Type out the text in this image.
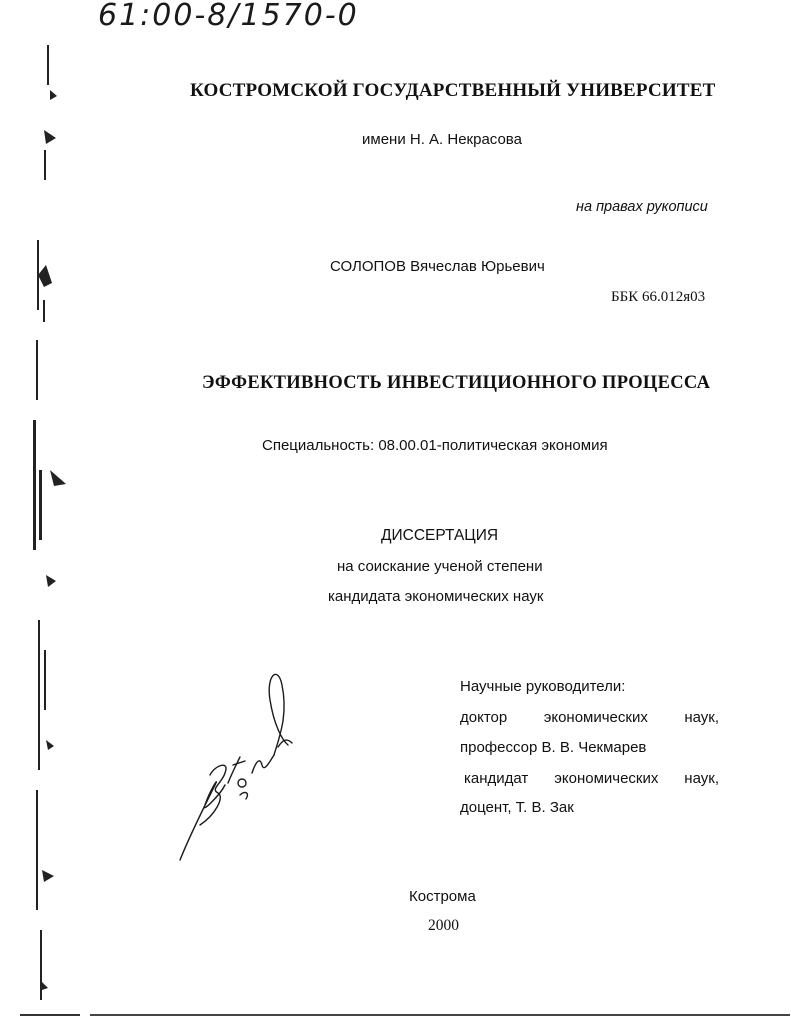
61:00-8/1570-0
КОСТРОМСКОЙ ГОСУДАРСТВЕННЫЙ УНИВЕРСИТЕТ
имени Н. А. Некрасова
на правах рукописи
СОЛОПОВ Вячеслав Юрьевич
ББК 66.012я03
ЭФФЕКТИВНОСТЬ ИНВЕСТИЦИОННОГО ПРОЦЕССА
Специальность: 08.00.01-политическая экономия
ДИССЕРТАЦИЯ
на соискание ученой степени
кандидата экономических наук
Научные руководители:
доктор экономических наук,
профессор В. В. Чекмарев
кандидат экономических наук,
доцент, Т. В. Зак
Кострома
2000
